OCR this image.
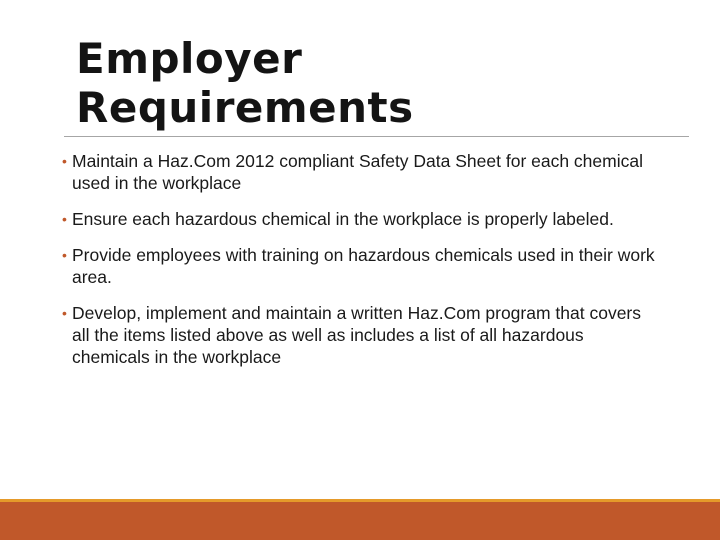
Employer
Requirements
• Maintain a Haz.Com 2012 compliant Safety Data Sheet for each chemical used in the workplace
• Ensure each hazardous chemical in the workplace is properly labeled.
• Provide employees with training on hazardous chemicals used in their work area.
• Develop, implement and maintain a written Haz.Com program that covers all the items listed above as well as includes a list of all hazardous chemicals in the workplace
